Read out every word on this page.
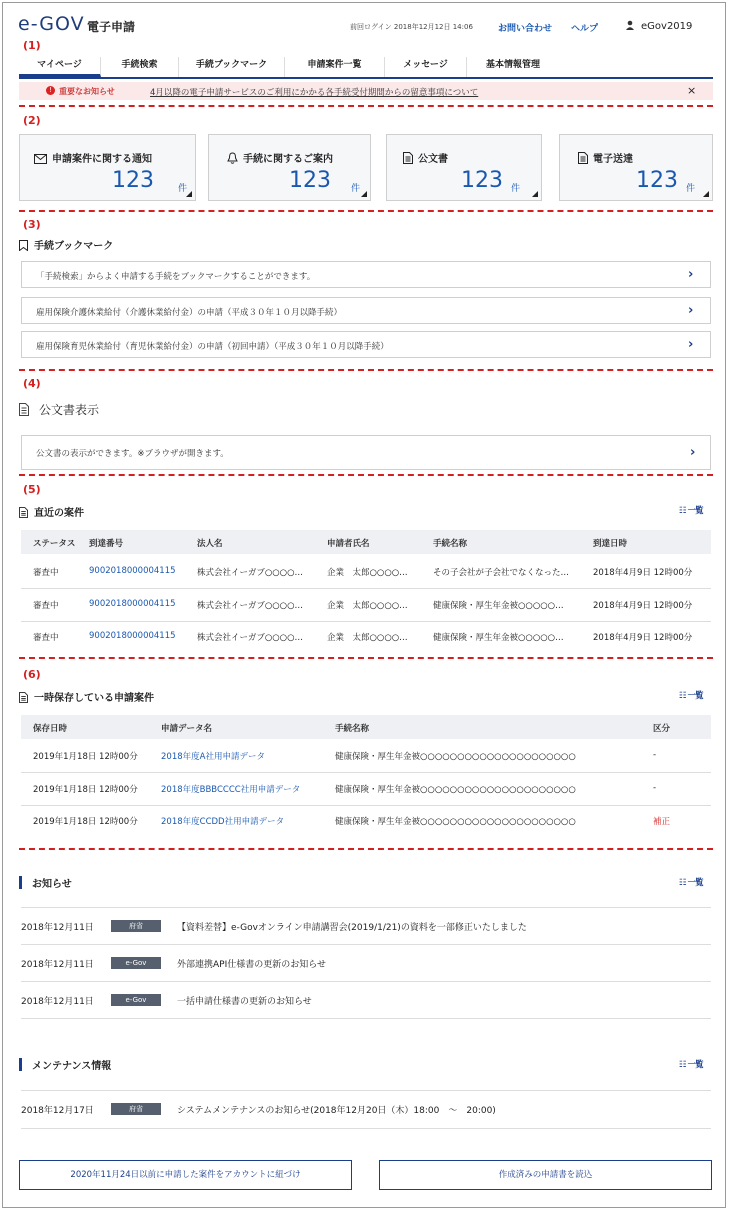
e-GOV 電子申請	前回ログイン 2018年12月12日 14:06	お問い合わせ ヘルプ	eGov2019
(1)
マイページ	手続検索	手続ブックマーク	申請案件一覧	メッセージ	基本情報管理
! 重要なお知らせ	4月以降の電子申請サービスのご利用にかかる各手続受付期間からの留意事項について	×
(2)
申請案件に関する通知
123	件
手続に関するご案内
123 件
公文書
123 件
電子送達
123 件
(3)
手続ブックマーク
「手続検索」からよく申請する手続をブックマークすることができます。	›
雇用保険介護休業給付（介護休業給付金）の申請（平成３０年１０月以降手続）	›
雇用保険育児休業給付（育児休業給付金）の申請（初回申請）（平成３０年１０月以降手続）	›
(4)
公文書表示
公文書の表示ができます。※ブラウザが開きます。	›
(5)
直近の案件	☷ 一覧
ステータス 到達番号	法人名	申請者氏名	手続名称	到達日時
審査中	9002018000004115	株式会社イーガブ○○○○…	企業　太郎○○○○…	その子会社が子会社でなくなった…	2018年4月9日 12時00分
審査中	9002018000004115	株式会社イーガブ○○○○…	企業　太郎○○○○…	健康保険・厚生年金被○○○○○…	2018年4月9日 12時00分
審査中	9002018000004115	株式会社イーガブ○○○○…	企業　太郎○○○○…	健康保険・厚生年金被○○○○○…	2018年4月9日 12時00分
(6)
一時保存している申請案件	☷ 一覧
保存日時	申請データ名	手続名称	区分
2019年1月18日 12時00分	2018年度A社用申請データ	健康保険・厚生年金被○○○○○○○○○○○○○○○○○○○○○	-
2019年1月18日 12時00分	2018年度BBBCCCC社用申請データ	健康保険・厚生年金被○○○○○○○○○○○○○○○○○○○○○	-
2019年1月18日 12時00分	2018年度CCDD社用申請データ	健康保険・厚生年金被○○○○○○○○○○○○○○○○○○○○○	補正
お知らせ	☷ 一覧
2018年12月11日	府省	【資料差替】e-Govオンライン申請講習会(2019/1/21)の資料を一部修正いたしました
2018年12月11日	e-Gov	外部連携API仕様書の更新のお知らせ
2018年12月11日	e-Gov	一括申請仕様書の更新のお知らせ
メンテナンス情報	☷ 一覧
2018年12月17日	府省	システムメンテナンスのお知らせ(2018年12月20日（木）18:00　～　20:00)
2020年11月24日以前に申請した案件をアカウントに紐づけ	作成済みの申請書を読込
